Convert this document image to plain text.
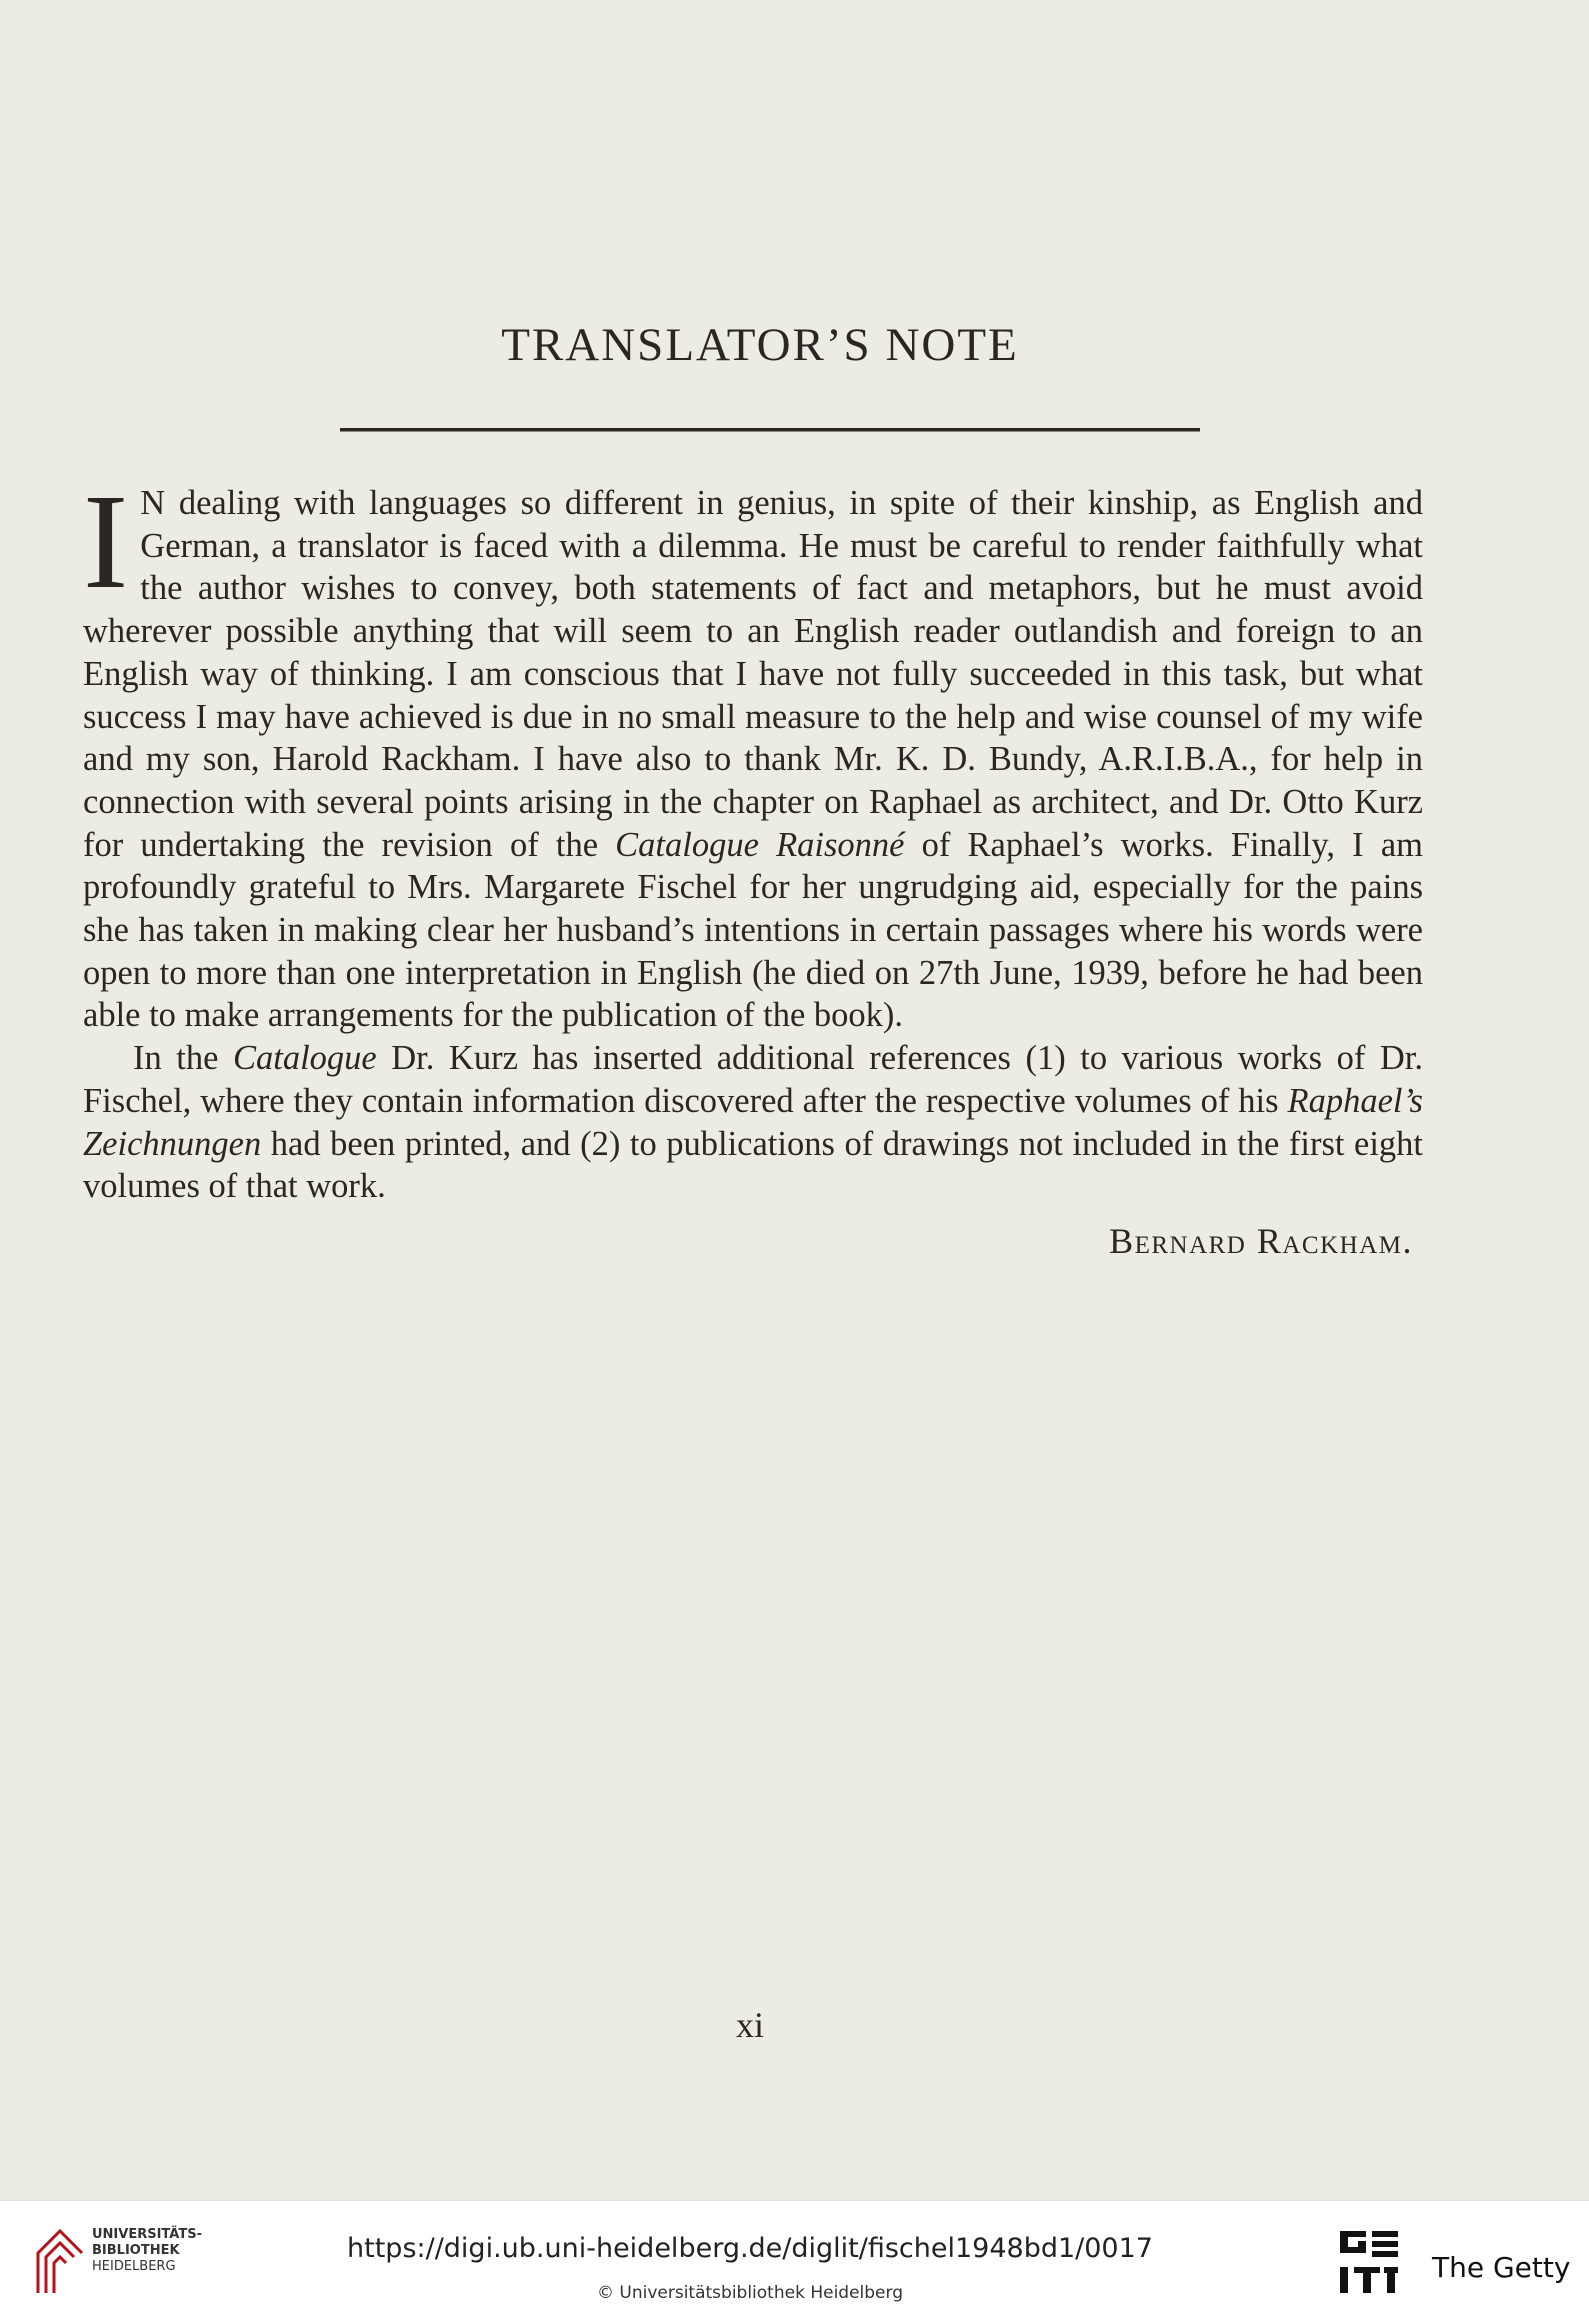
TRANSLATOR’S NOTE

I N dealing with languages so different in genius, in spite of their kinship, as English and German, a translator is faced with a dilemma. He must be careful to render faithfully what the author wishes to convey, both statements of fact and metaphors, but he must avoid wherever possible anything that will seem to an English reader outlandish and foreign to an English way of thinking. I am conscious that I have not fully succeeded in this task, but what success I may have achieved is due in no small measure to the help and wise counsel of my wife and my son, Harold Rackham. I have also to thank Mr. K. D. Bundy, A.R.I.B.A., for help in connection with several points arising in the chapter on Raphael as architect, and Dr. Otto Kurz for undertaking the revision of the Catalogue Raisonné of Raphael’s works. Finally, I am profoundly grateful to Mrs. Margarete Fischel for her ungrudging aid, especially for the pains she has taken in making clear her husband’s intentions in certain passages where his words were open to more than one interpretation in English (he died on 27th June, 1939, before he had been able to make arrangements for the publication of the book).

In the Catalogue Dr. Kurz has inserted additional references (1) to various works of Dr. Fischel, where they contain information discovered after the respective volumes of his Raphael’s Zeichnungen had been printed, and (2) to publications of drawings not included in the first eight volumes of that work.

Bernard Rackham.
xi
UNIVERSITÄTS-
BIBLIOTHEK
HEIDELBERG
https://digi.ub.uni-heidelberg.de/diglit/fischel1948bd1/0017
© Universitätsbibliothek Heidelberg
The Getty
